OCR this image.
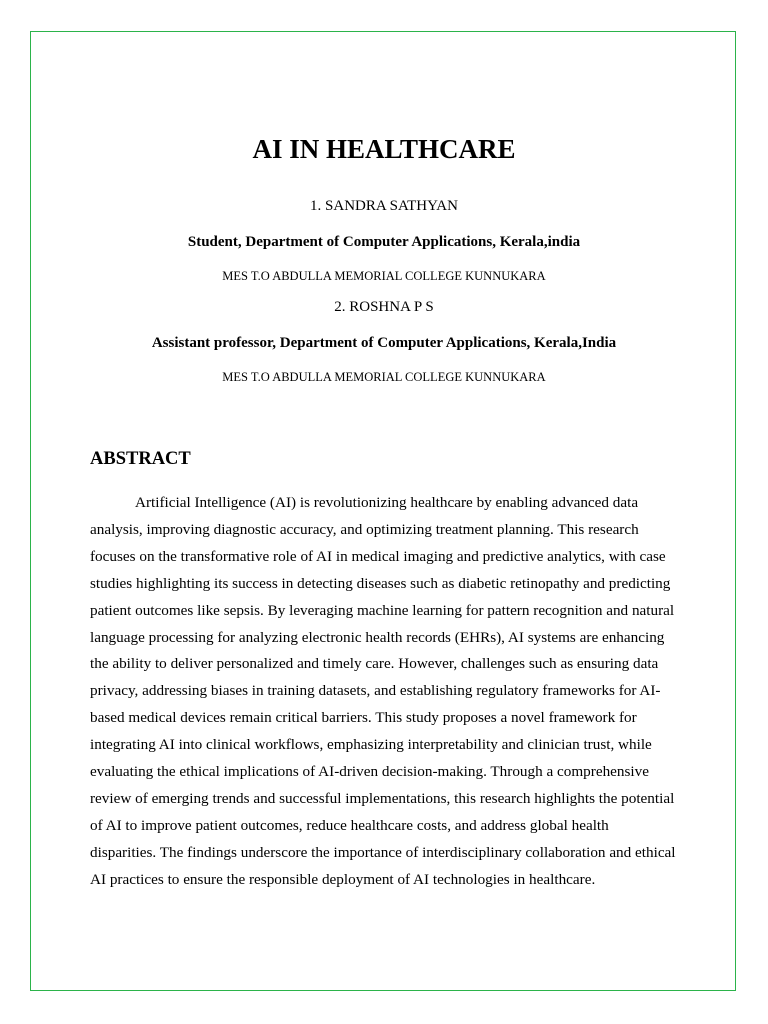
AI IN HEALTHCARE

1. SANDRA SATHYAN

Student, Department of Computer Applications, Kerala,india

MES T.O ABDULLA MEMORIAL COLLEGE KUNNUKARA

2. ROSHNA P S

Assistant professor, Department of Computer Applications, Kerala,India

MES T.O ABDULLA MEMORIAL COLLEGE KUNNUKARA

ABSTRACT

Artificial Intelligence (AI) is revolutionizing healthcare by enabling advanced data analysis, improving diagnostic accuracy, and optimizing treatment planning. This research focuses on the transformative role of AI in medical imaging and predictive analytics, with case studies highlighting its success in detecting diseases such as diabetic retinopathy and predicting patient outcomes like sepsis. By leveraging machine learning for pattern recognition and natural language processing for analyzing electronic health records (EHRs), AI systems are enhancing the ability to deliver personalized and timely care. However, challenges such as ensuring data privacy, addressing biases in training datasets, and establishing regulatory frameworks for AI-based medical devices remain critical barriers. This study proposes a novel framework for integrating AI into clinical workflows, emphasizing interpretability and clinician trust, while evaluating the ethical implications of AI-driven decision-making. Through a comprehensive review of emerging trends and successful implementations, this research highlights the potential of AI to improve patient outcomes, reduce healthcare costs, and address global health disparities. The findings underscore the importance of interdisciplinary collaboration and ethical AI practices to ensure the responsible deployment of AI technologies in healthcare.
